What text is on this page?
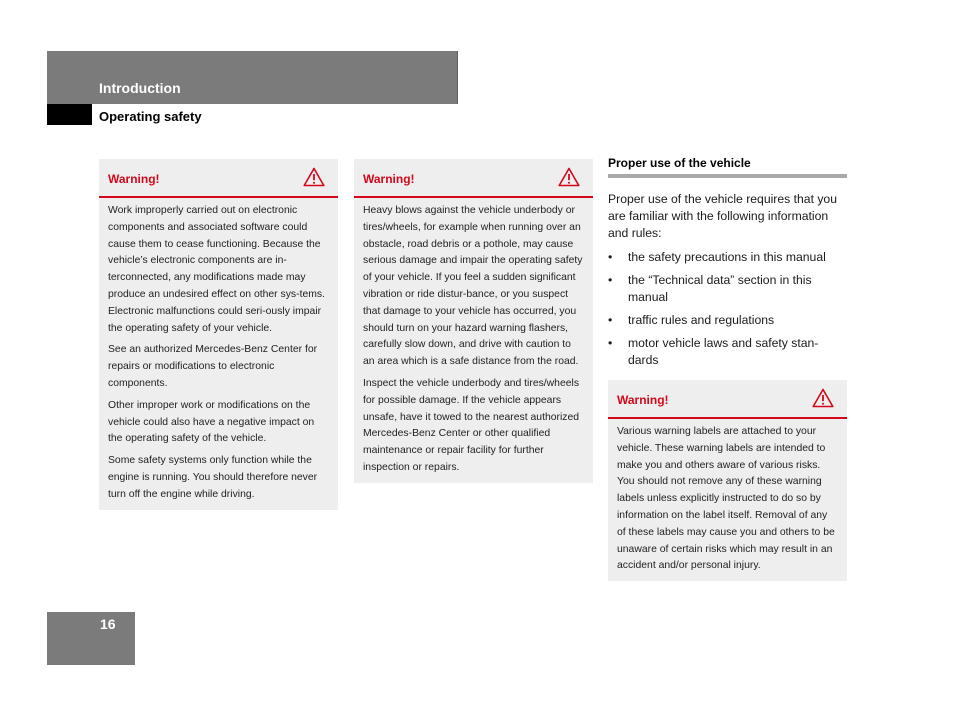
Introduction
Operating safety
Warning!

Work improperly carried out on electronic components and associated software could cause them to cease functioning. Because the vehicle’s electronic components are in-terconnected, any modifications made may produce an undesired effect on other sys-tems. Electronic malfunctions could seri-ously impair the operating safety of your vehicle.

See an authorized Mercedes-Benz Center for repairs or modifications to electronic components.

Other improper work or modifications on the vehicle could also have a negative impact on the operating safety of the vehicle.

Some safety systems only function while the engine is running. You should therefore never turn off the engine while driving.

Warning!

Heavy blows against the vehicle underbody or tires/wheels, for example when running over an obstacle, road debris or a pothole, may cause serious damage and impair the operating safety of your vehicle. If you feel a sudden significant vibration or ride distur-bance, or you suspect that damage to your vehicle has occurred, you should turn on your hazard warning flashers, carefully slow down, and drive with caution to an area which is a safe distance from the road.

Inspect the vehicle underbody and tires/wheels for possible damage. If the vehicle appears unsafe, have it towed to the nearest authorized Mercedes-Benz Center or other qualified maintenance or repair facility for further inspection or repairs.

Proper use of the vehicle
Proper use of the vehicle requires that you are familiar with the following information and rules:
• the safety precautions in this manual
• the “Technical data” section in this manual
• traffic rules and regulations
• motor vehicle laws and safety stan-dards
Warning!

Various warning labels are attached to your vehicle. These warning labels are intended to make you and others aware of various risks. You should not remove any of these warning labels unless explicitly instructed to do so by information on the label itself. Removal of any of these labels may cause you and others to be unaware of certain risks which may result in an accident and/or personal injury.

16
